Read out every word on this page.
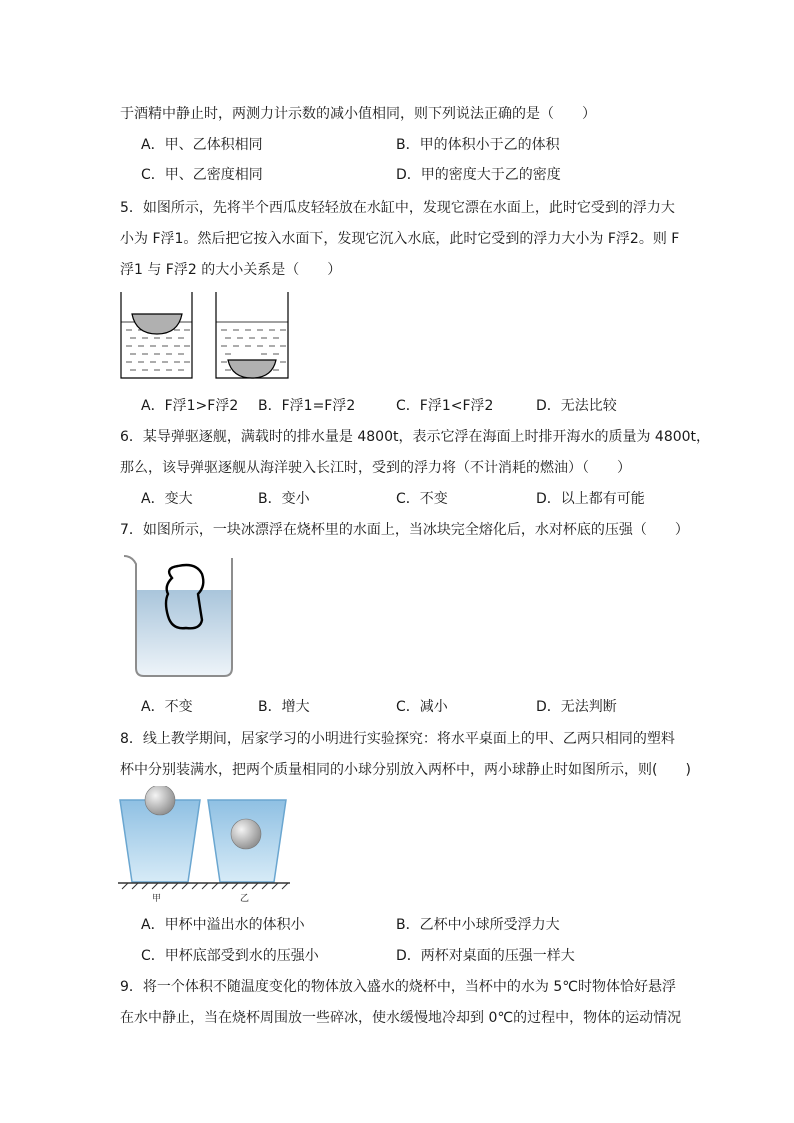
于酒精中静止时，两测力计示数的减小值相同，则下列说法正确的是（　　）
A．甲、乙体积相同	B．甲的体积小于乙的体积
C．甲、乙密度相同	D．甲的密度大于乙的密度
5．如图所示，先将半个西瓜皮轻轻放在水缸中，发现它漂在水面上，此时它受到的浮力大
小为 F浮1。然后把它按入水面下，发现它沉入水底，此时它受到的浮力大小为 F浮2。则 F
浮1 与 F浮2 的大小关系是（　　）
A．F浮1>F浮2 B．F浮1=F浮2	C．F浮1<F浮2	D．无法比较
6．某导弹驱逐舰，满载时的排水量是 4800t，表示它浮在海面上时排开海水的质量为 4800t，
那么，该导弹驱逐舰从海洋驶入长江时，受到的浮力将（不计消耗的燃油）（　　）
A．变大	B．变小	C．不变	D．以上都有可能
7．如图所示，一块冰漂浮在烧杯里的水面上，当冰块完全熔化后，水对杯底的压强（　　）
A．不变	B．增大	C．减小	D．无法判断
8．线上教学期间，居家学习的小明进行实验探究：将水平桌面上的甲、乙两只相同的塑料
杯中分别装满水，把两个质量相同的小球分别放入两杯中，两小球静止时如图所示，则(　　)
甲	乙
A．甲杯中溢出水的体积小	B．乙杯中小球所受浮力大
C．甲杯底部受到水的压强小	D．两杯对桌面的压强一样大
9．将一个体积不随温度变化的物体放入盛水的烧杯中，当杯中的水为 5℃时物体恰好悬浮
在水中静止，当在烧杯周围放一些碎冰，使水缓慢地冷却到 0℃的过程中，物体的运动情况
